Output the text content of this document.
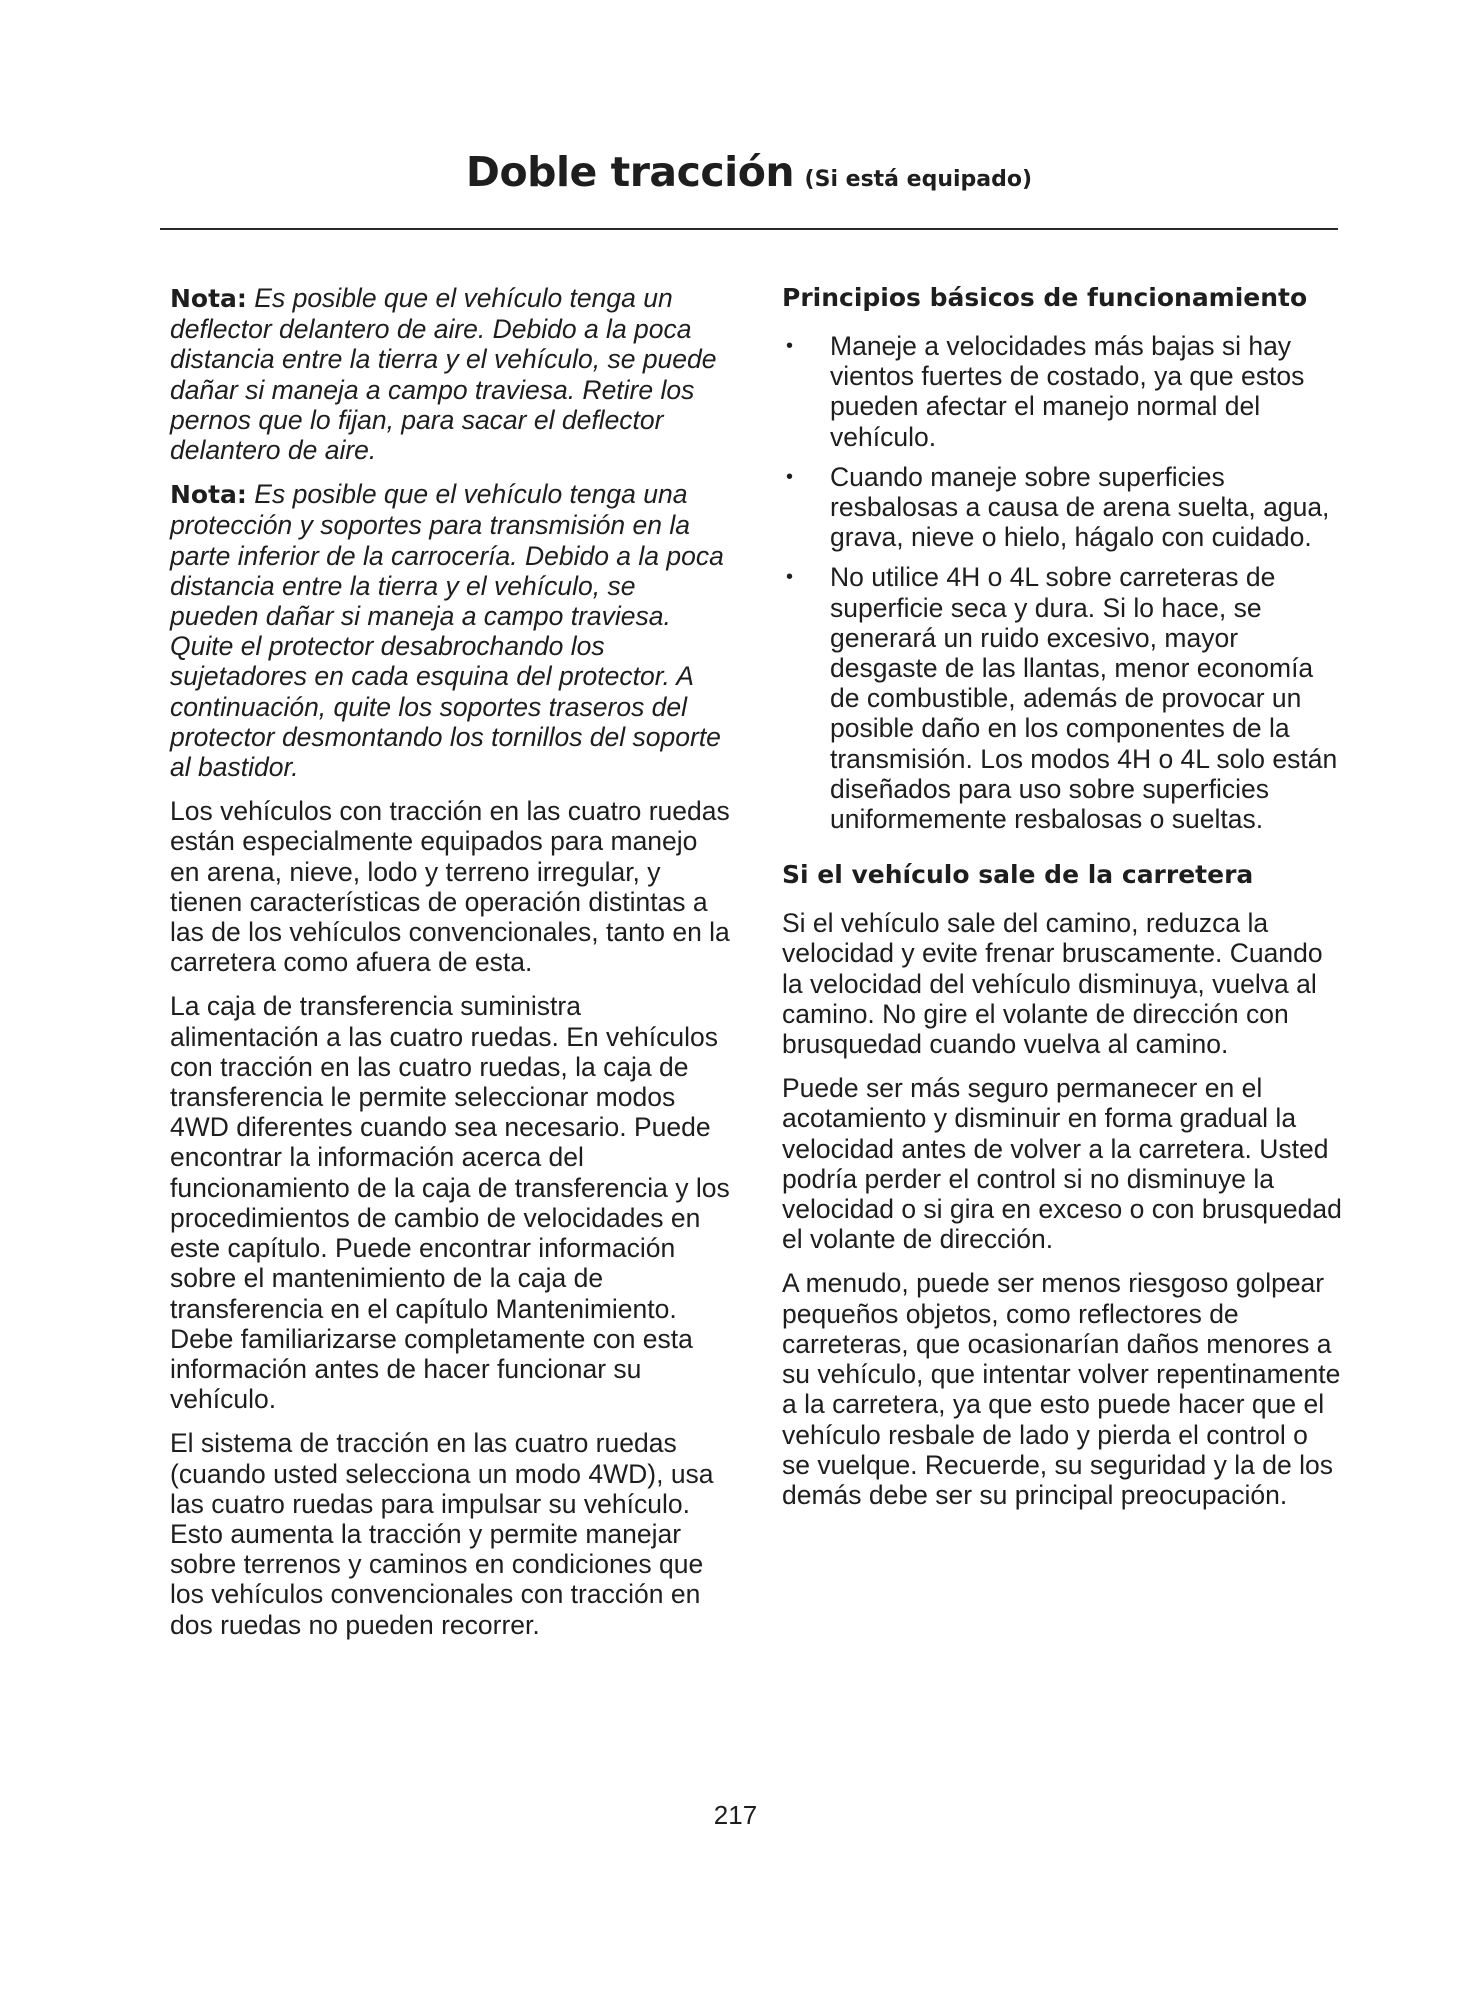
Doble tracción (Si está equipado)

Nota: Es posible que el vehículo tenga un deflector delantero de aire. Debido a la poca distancia entre la tierra y el vehículo, se puede dañar si maneja a campo traviesa. Retire los pernos que lo fijan, para sacar el deflector delantero de aire.

Nota: Es posible que el vehículo tenga una protección y soportes para transmisión en la parte inferior de la carrocería. Debido a la poca distancia entre la tierra y el vehículo, se pueden dañar si maneja a campo traviesa. Quite el protector desabrochando los sujetadores en cada esquina del protector. A continuación, quite los soportes traseros del protector desmontando los tornillos del soporte al bastidor.

Los vehículos con tracción en las cuatro ruedas están especialmente equipados para manejo en arena, nieve, lodo y terreno irregular, y tienen características de operación distintas a las de los vehículos convencionales, tanto en la carretera como afuera de esta.

La caja de transferencia suministra alimentación a las cuatro ruedas. En vehículos con tracción en las cuatro ruedas, la caja de transferencia le permite seleccionar modos 4WD diferentes cuando sea necesario. Puede encontrar la información acerca del funcionamiento de la caja de transferencia y los procedimientos de cambio de velocidades en este capítulo. Puede encontrar información sobre el mantenimiento de la caja de transferencia en el capítulo Mantenimiento. Debe familiarizarse completamente con esta información antes de hacer funcionar su vehículo.

El sistema de tracción en las cuatro ruedas (cuando usted selecciona un modo 4WD), usa las cuatro ruedas para impulsar su vehículo. Esto aumenta la tracción y permite manejar sobre terrenos y caminos en condiciones que los vehículos convencionales con tracción en dos ruedas no pueden recorrer.

Principios básicos de funcionamiento
• Maneje a velocidades más bajas si hay vientos fuertes de costado, ya que estos pueden afectar el manejo normal del vehículo.
• Cuando maneje sobre superficies resbalosas a causa de arena suelta, agua, grava, nieve o hielo, hágalo con cuidado.
• No utilice 4H o 4L sobre carreteras de superficie seca y dura. Si lo hace, se generará un ruido excesivo, mayor desgaste de las llantas, menor economía de combustible, además de provocar un posible daño en los componentes de la transmisión. Los modos 4H o 4L solo están diseñados para uso sobre superficies uniformemente resbalosas o sueltas.
Si el vehículo sale de la carretera

Si el vehículo sale del camino, reduzca la velocidad y evite frenar bruscamente. Cuando la velocidad del vehículo disminuya, vuelva al camino. No gire el volante de dirección con brusquedad cuando vuelva al camino.

Puede ser más seguro permanecer en el acotamiento y disminuir en forma gradual la velocidad antes de volver a la carretera. Usted podría perder el control si no disminuye la velocidad o si gira en exceso o con brusquedad el volante de dirección.

A menudo, puede ser menos riesgoso golpear pequeños objetos, como reflectores de carreteras, que ocasionarían daños menores a su vehículo, que intentar volver repentinamente a la carretera, ya que esto puede hacer que el vehículo resbale de lado y pierda el control o se vuelque. Recuerde, su seguridad y la de los demás debe ser su principal preocupación.

217
